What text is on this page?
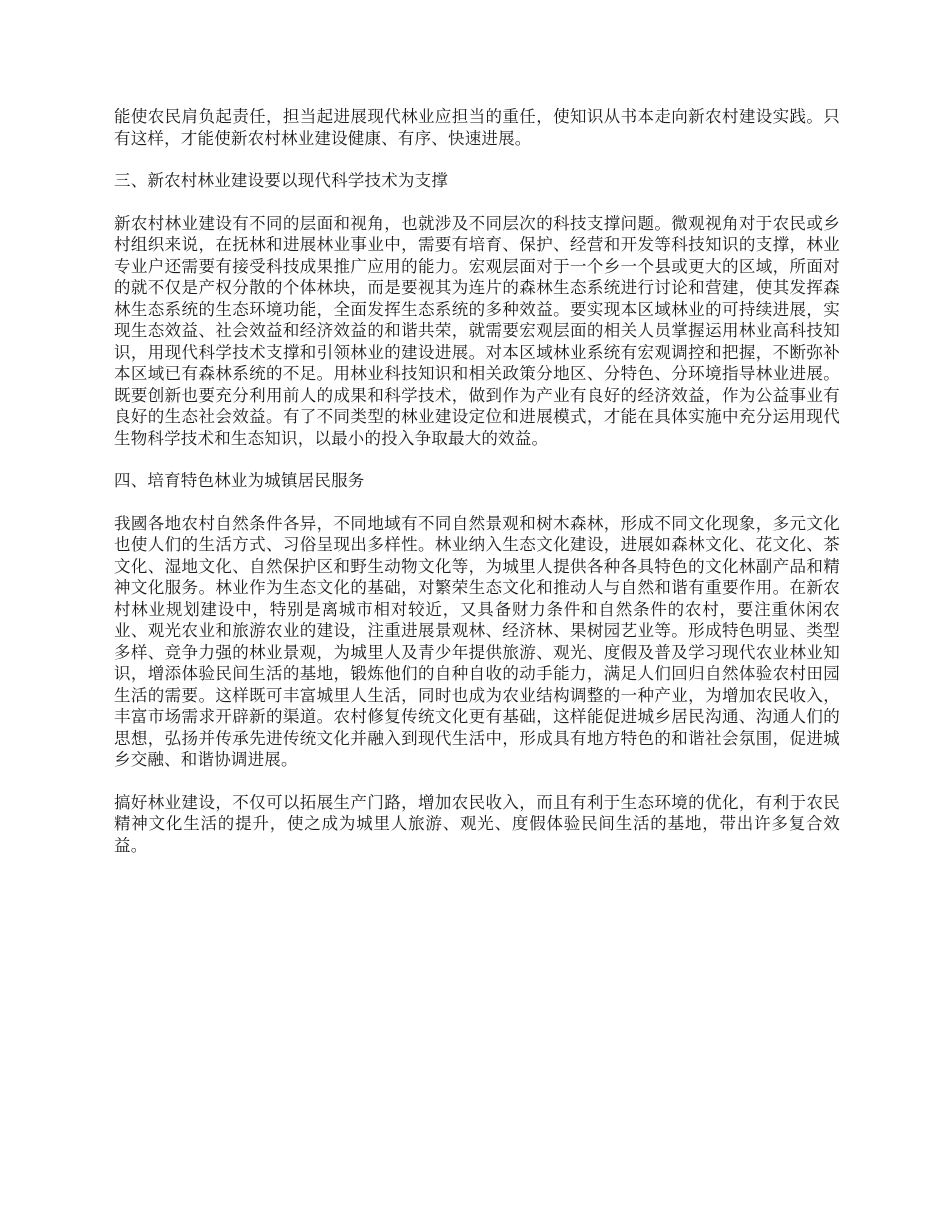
能使农民肩负起责任，担当起进展现代林业应担当的重任，使知识从书本走向新农村建设实践。只有这样，才能使新农村林业建设健康、有序、快速进展。

三、新农村林业建设要以现代科学技术为支撑

新农村林业建设有不同的层面和视角，也就涉及不同层次的科技支撑问题。微观视角对于农民或乡村组织来说，在抚林和进展林业事业中，需要有培育、保护、经营和开发等科技知识的支撑，林业专业户还需要有接受科技成果推广应用的能力。宏观层面对于一个乡一个县或更大的区域，所面对的就不仅是产权分散的个体林块，而是要视其为连片的森林生态系统进行讨论和营建，使其发挥森林生态系统的生态环境功能，全面发挥生态系统的多种效益。要实现本区域林业的可持续进展，实现生态效益、社会效益和经济效益的和谐共荣，就需要宏观层面的相关人员掌握运用林业高科技知识，用现代科学技术支撑和引领林业的建设进展。对本区域林业系统有宏观调控和把握，不断弥补本区域已有森林系统的不足。用林业科技知识和相关政策分地区、分特色、分环境指导林业进展。既要创新也要充分利用前人的成果和科学技术，做到作为产业有良好的经济效益，作为公益事业有良好的生态社会效益。有了不同类型的林业建设定位和进展模式，才能在具体实施中充分运用现代生物科学技术和生态知识，以最小的投入争取最大的效益。

四、培育特色林业为城镇居民服务

我國各地农村自然条件各异，不同地域有不同自然景观和树木森林，形成不同文化现象，多元文化也使人们的生活方式、习俗呈现出多样性。林业纳入生态文化建设，进展如森林文化、花文化、茶文化、湿地文化、自然保护区和野生动物文化等，为城里人提供各种各具特色的文化林副产品和精神文化服务。林业作为生态文化的基础，对繁荣生态文化和推动人与自然和谐有重要作用。在新农村林业规划建设中，特别是离城市相对较近，又具备财力条件和自然条件的农村，要注重休闲农业、观光农业和旅游农业的建设，注重进展景观林、经济林、果树园艺业等。形成特色明显、类型多样、竞争力强的林业景观，为城里人及青少年提供旅游、观光、度假及普及学习现代农业林业知识，增添体验民间生活的基地，锻炼他们的自种自收的动手能力，满足人们回归自然体验农村田园生活的需要。这样既可丰富城里人生活，同时也成为农业结构调整的一种产业，为增加农民收入，丰富市场需求开辟新的渠道。农村修复传统文化更有基础，这样能促进城乡居民沟通、沟通人们的思想，弘扬并传承先进传统文化并融入到现代生活中，形成具有地方特色的和谐社会氛围，促进城乡交融、和谐协调进展。

搞好林业建设，不仅可以拓展生产门路，增加农民收入，而且有利于生态环境的优化，有利于农民精神文化生活的提升，使之成为城里人旅游、观光、度假体验民间生活的基地，带出许多复合效益。
